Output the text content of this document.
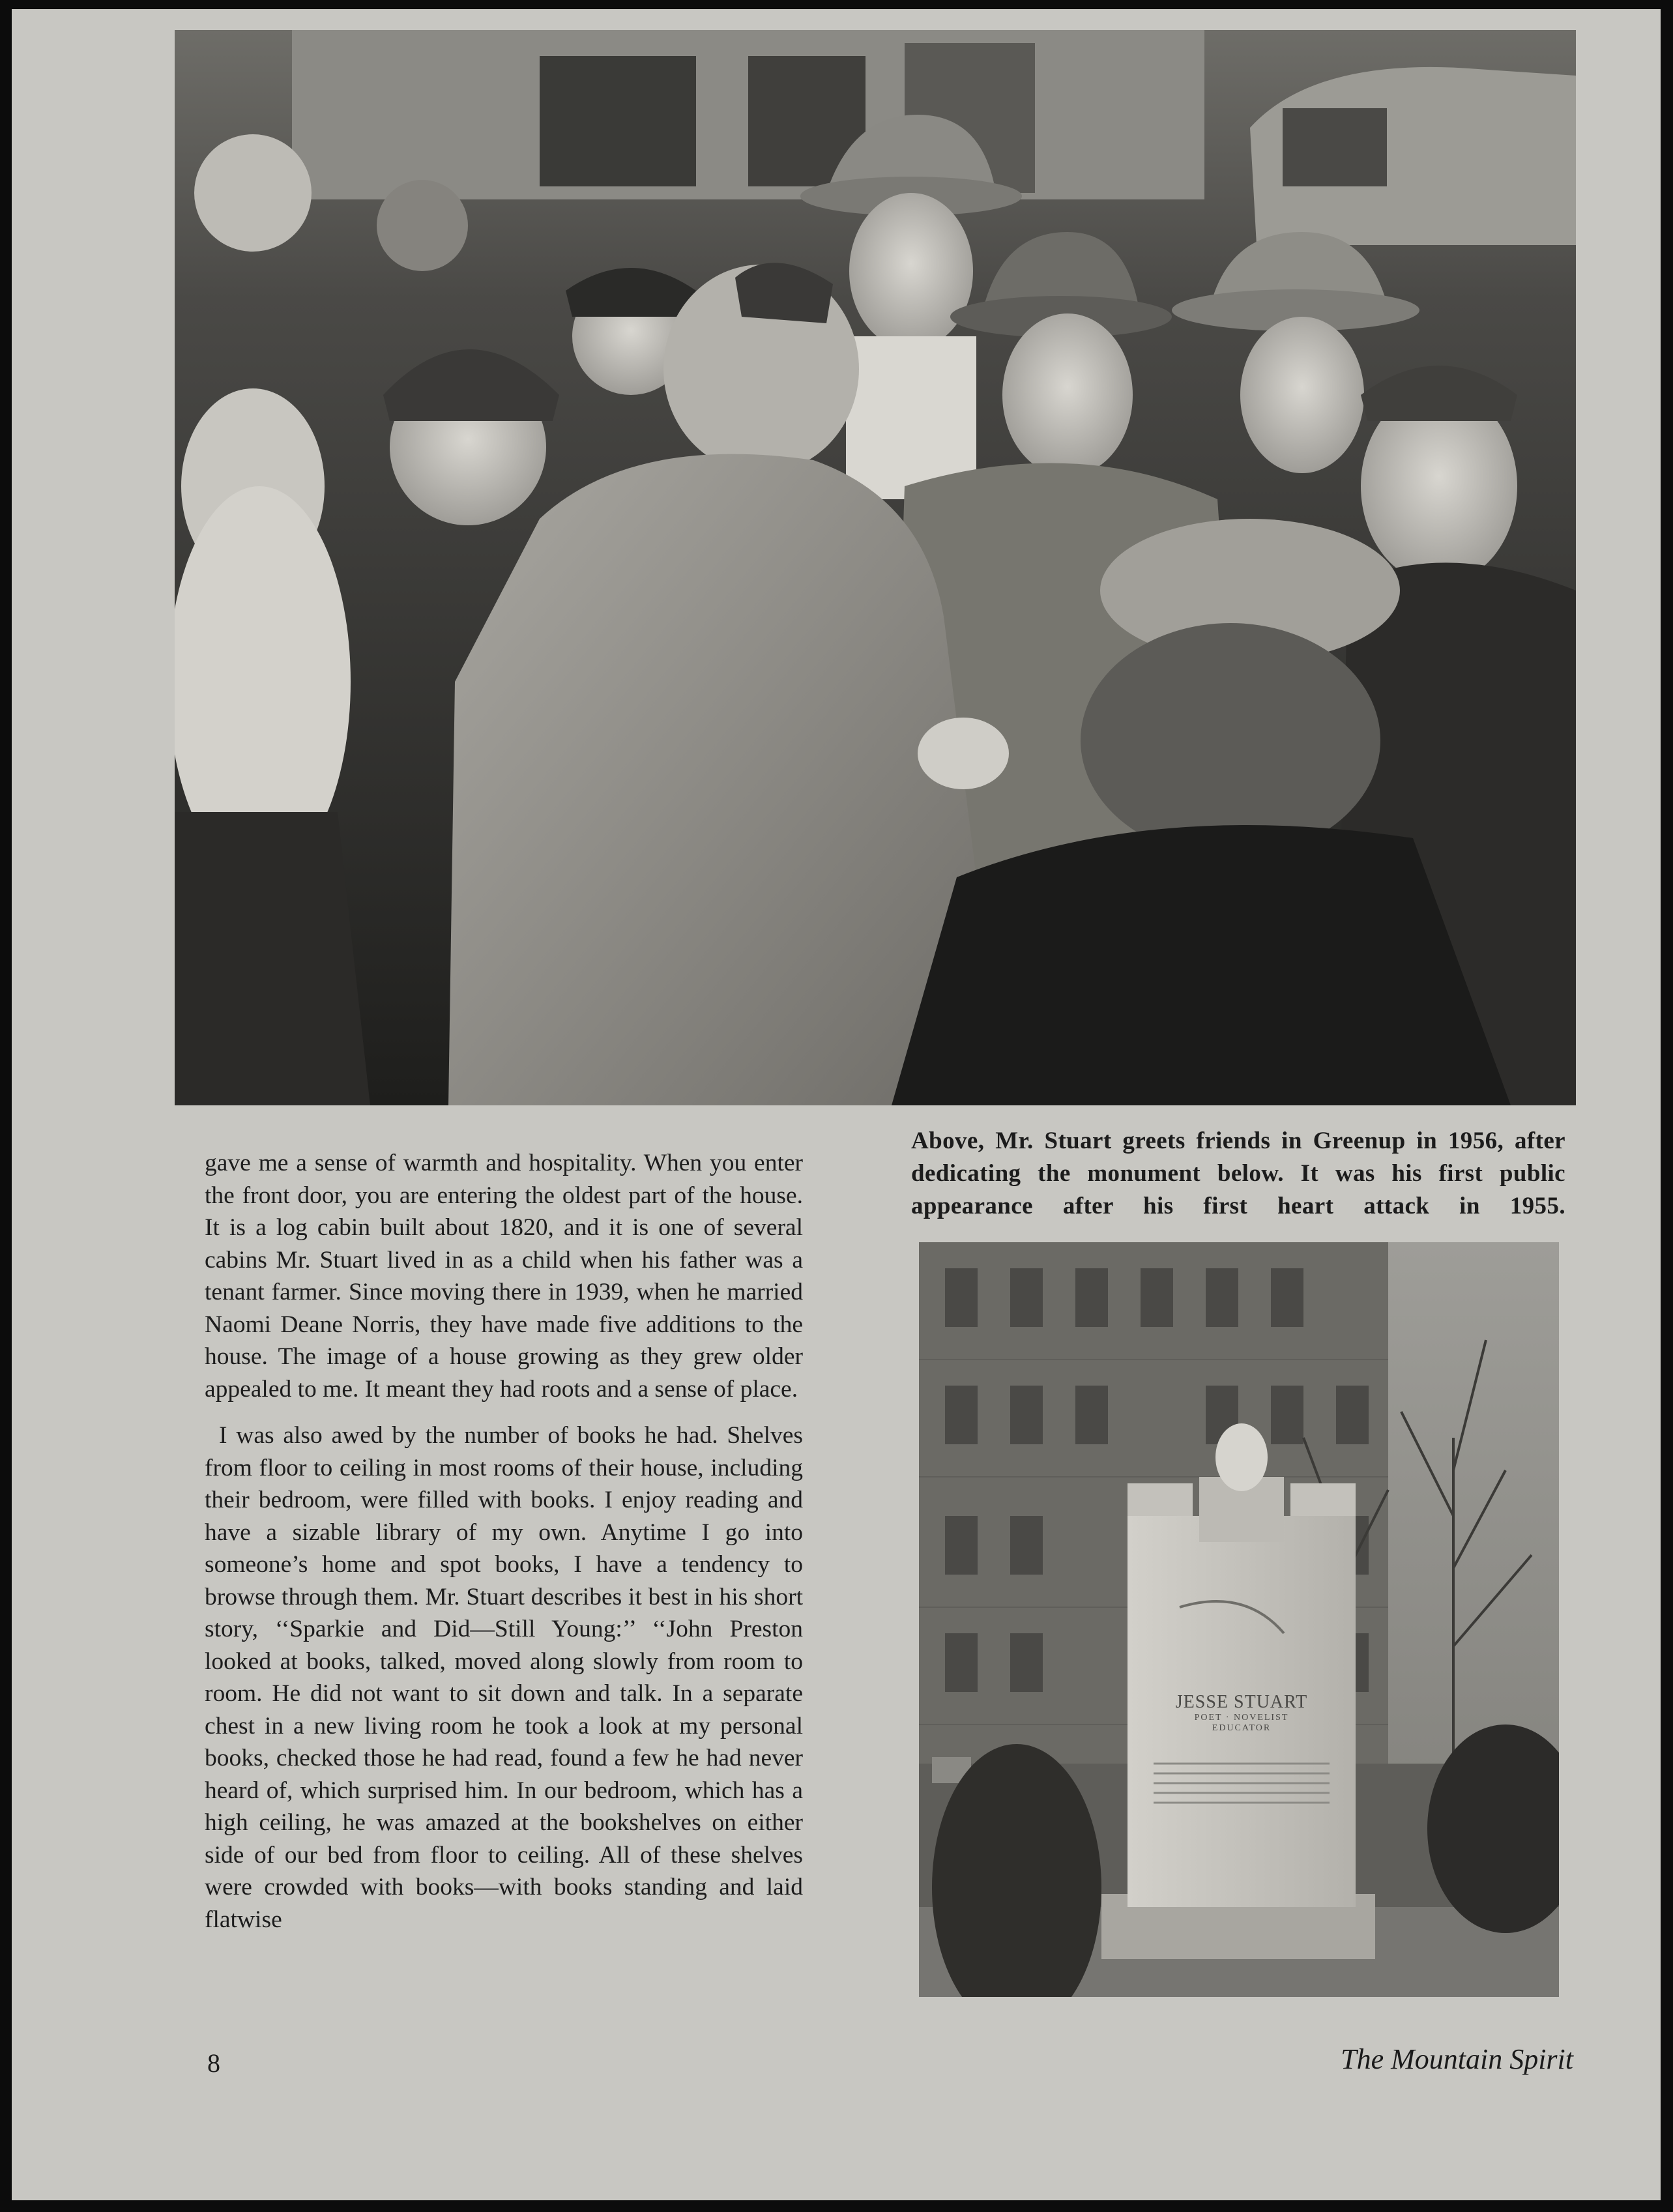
Above, Mr. Stuart greets friends in Greenup in 1956, after dedicating the monument below. It was his first public appearance after his first heart attack in 1955.
JESSE STUART
POET · NOVELIST
EDUCATOR

gave me a sense of warmth and hospitality. When you enter the front door, you are entering the oldest part of the house. It is a log cabin built about 1820, and it is one of several cabins Mr. Stuart lived in as a child when his father was a tenant farmer. Since moving there in 1939, when he married Naomi Deane Norris, they have made five additions to the house. The image of a house growing as they grew older appealed to me. It meant they had roots and a sense of place.

I was also awed by the number of books he had. Shelves from floor to ceiling in most rooms of their house, including their bedroom, were filled with books. I enjoy reading and have a sizable library of my own. Anytime I go into someone’s home and spot books, I have a tendency to browse through them. Mr. Stuart describes it best in his short story, ‘‘Sparkie and Did—Still Young:’’ ‘‘John Preston looked at books, talked, moved along slowly from room to room. He did not want to sit down and talk. In a separate chest in a new living room he took a look at my personal books, checked those he had read, found a few he had never heard of, which surprised him. In our bedroom, which has a high ceiling, he was amazed at the bookshelves on either side of our bed from floor to ceiling. All of these shelves were crowded with books—with books standing and laid flatwise

8	The Mountain Spirit
